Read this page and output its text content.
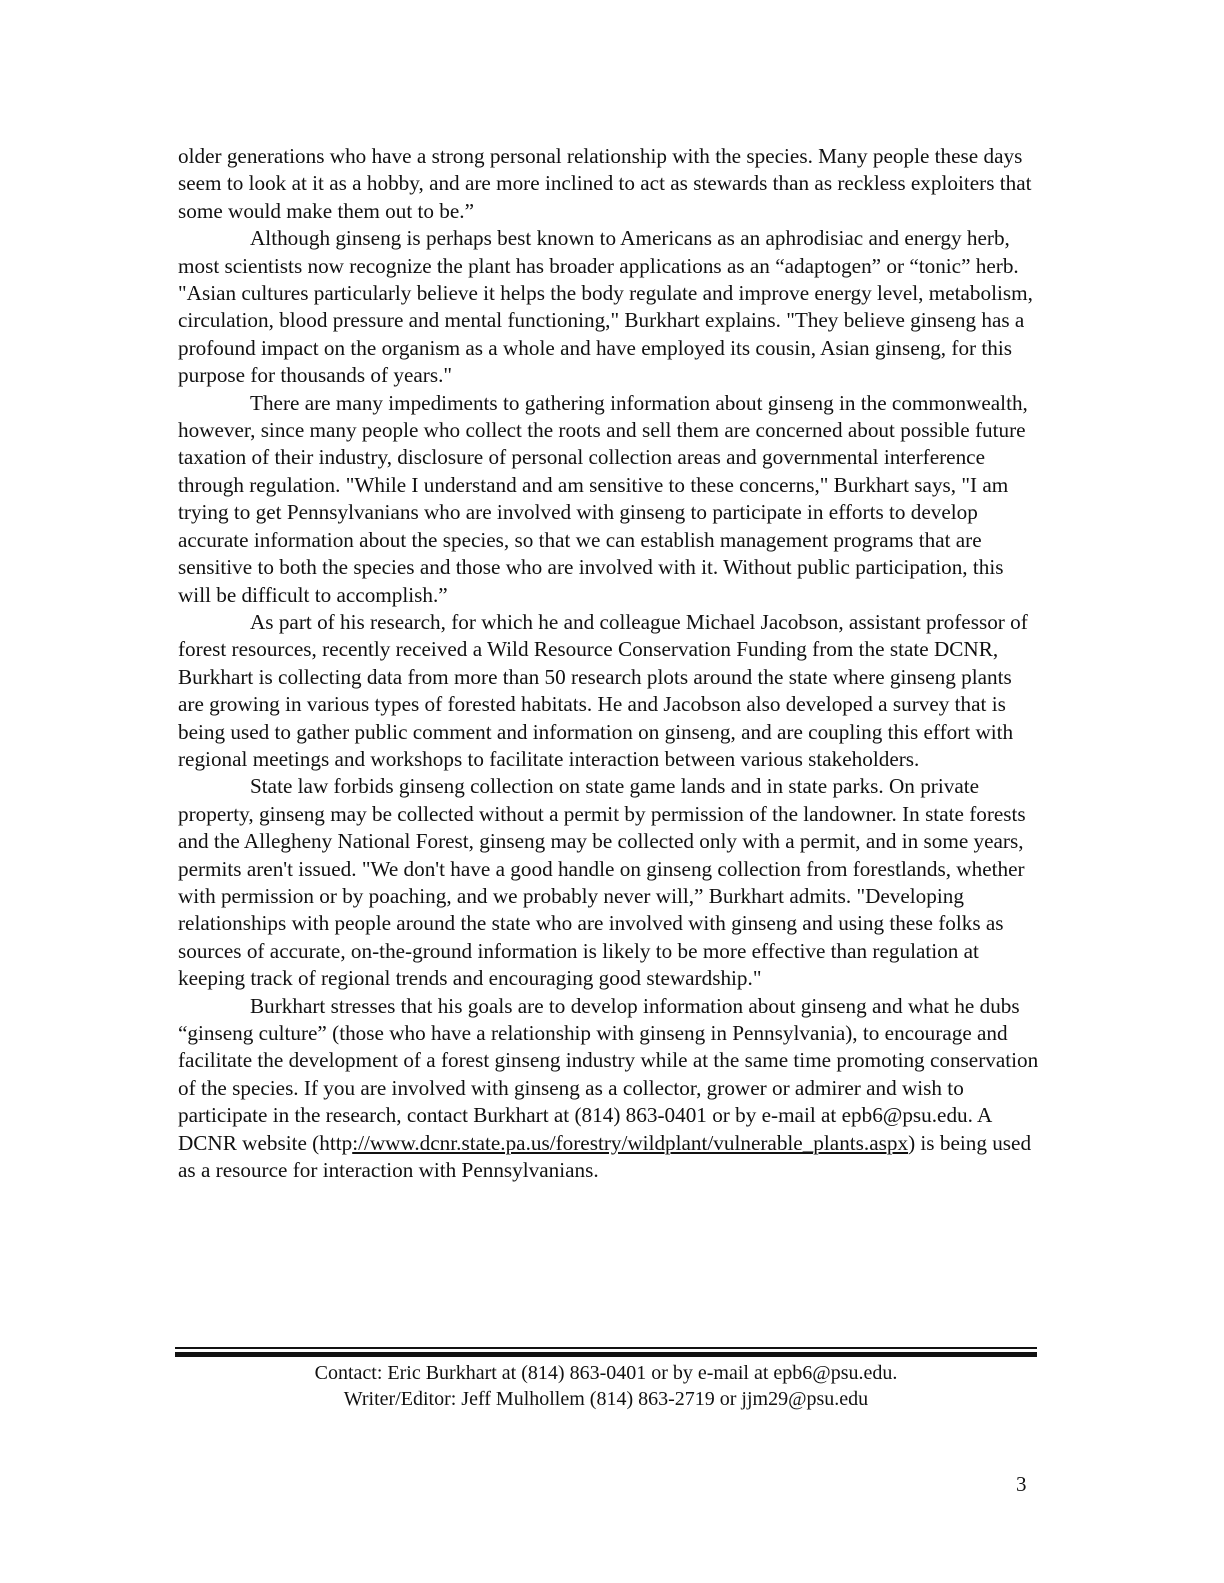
older generations who have a strong personal relationship with the species. Many people these days seem to look at it as a hobby, and are more inclined to act as stewards than as reckless exploiters that some would make them out to be.”

Although ginseng is perhaps best known to Americans as an aphrodisiac and energy herb, most scientists now recognize the plant has broader applications as an “adaptogen” or “tonic” herb. "Asian cultures particularly believe it helps the body regulate and improve energy level, metabolism, circulation, blood pressure and mental functioning," Burkhart explains. "They believe ginseng has a profound impact on the organism as a whole and have employed its cousin, Asian ginseng, for this purpose for thousands of years."

There are many impediments to gathering information about ginseng in the commonwealth, however, since many people who collect the roots and sell them are concerned about possible future taxation of their industry, disclosure of personal collection areas and governmental interference through regulation. "While I understand and am sensitive to these concerns," Burkhart says, "I am trying to get Pennsylvanians who are involved with ginseng to participate in efforts to develop accurate information about the species, so that we can establish management programs that are sensitive to both the species and those who are involved with it. Without public participation, this will be difficult to accomplish.”

As part of his research, for which he and colleague Michael Jacobson, assistant professor of forest resources, recently received a Wild Resource Conservation Funding from the state DCNR, Burkhart is collecting data from more than 50 research plots around the state where ginseng plants are growing in various types of forested habitats. He and Jacobson also developed a survey that is being used to gather public comment and information on ginseng, and are coupling this effort with regional meetings and workshops to facilitate interaction between various stakeholders.

State law forbids ginseng collection on state game lands and in state parks. On private property, ginseng may be collected without a permit by permission of the landowner. In state forests and the Allegheny National Forest, ginseng may be collected only with a permit, and in some years, permits aren't issued. "We don't have a good handle on ginseng collection from forestlands, whether with permission or by poaching, and we probably never will,” Burkhart admits. "Developing relationships with people around the state who are involved with ginseng and using these folks as sources of accurate, on-the-ground information is likely to be more effective than regulation at keeping track of regional trends and encouraging good stewardship."

Burkhart stresses that his goals are to develop information about ginseng and what he dubs “ginseng culture” (those who have a relationship with ginseng in Pennsylvania), to encourage and facilitate the development of a forest ginseng industry while at the same time promoting conservation of the species. If you are involved with ginseng as a collector, grower or admirer and wish to participate in the research, contact Burkhart at (814) 863-0401 or by e-mail at epb6@psu.edu. A DCNR website (http://www.dcnr.state.pa.us/forestry/wildplant/vulnerable_plants.aspx) is being used as a resource for interaction with Pennsylvanians.

Contact: Eric Burkhart at (814) 863-0401 or by e-mail at epb6@psu.edu.
Writer/Editor: Jeff Mulhollem (814) 863-2719 or jjm29@psu.edu
3
